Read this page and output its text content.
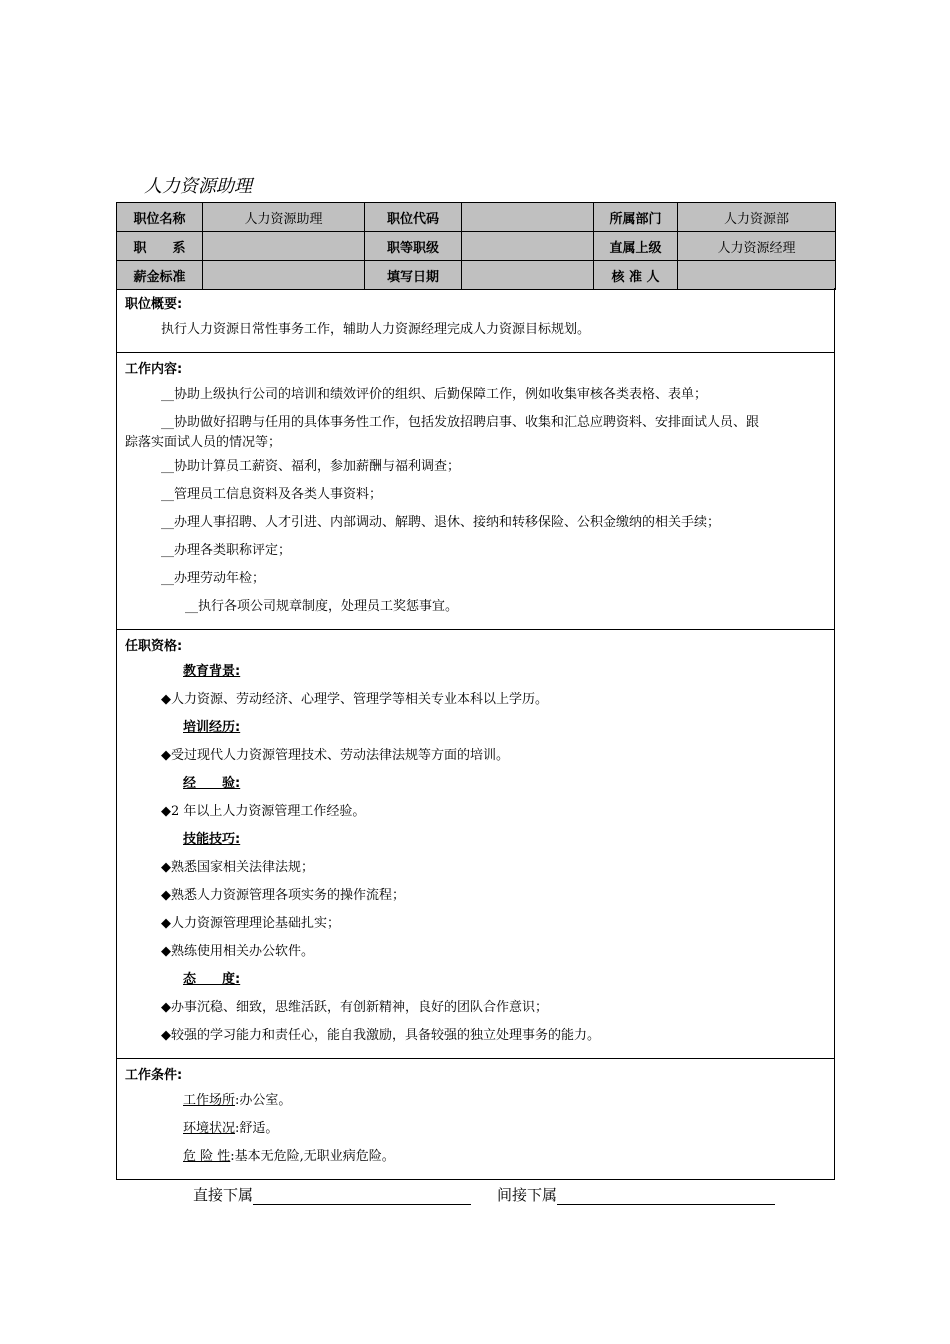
人力资源助理
职位名称	人力资源助理	职位代码		所属部门	人力资源部
职　　系		职等职级		直属上级	人力资源经理
薪金标准		填写日期		核 准 人	
职位概要:
执行人力资源日常性事务工作，辅助人力资源经理完成人力资源目标规划。
工作内容:
__协助上级执行公司的培训和绩效评价的组织、后勤保障工作，例如收集审核各类表格、表单；
__协助做好招聘与任用的具体事务性工作，包括发放招聘启事、收集和汇总应聘资料、安排面试人员、跟
踪落实面试人员的情况等；
__协助计算员工薪资、福利，参加薪酬与福利调查；
__管理员工信息资料及各类人事资料；
__办理人事招聘、人才引进、内部调动、解聘、退休、接纳和转移保险、公积金缴纳的相关手续；
__办理各类职称评定；
__办理劳动年检；
__执行各项公司规章制度，处理员工奖惩事宜。
任职资格:
教育背景:
◆人力资源、劳动经济、心理学、管理学等相关专业本科以上学历。
培训经历:
◆受过现代人力资源管理技术、劳动法律法规等方面的培训。
经　　验:
◆2 年以上人力资源管理工作经验。
技能技巧:
◆熟悉国家相关法律法规；
◆熟悉人力资源管理各项实务的操作流程；
◆人力资源管理理论基础扎实；
◆熟练使用相关办公软件。
态　　度:
◆办事沉稳、细致，思维活跃，有创新精神，良好的团队合作意识；
◆较强的学习能力和责任心，能自我激励，具备较强的独立处理事务的能力。
工作条件:
工作场所:办公室。
环境状况:舒适。
危 险 性:基本无危险,无职业病危险。
直接下属	间接下属
